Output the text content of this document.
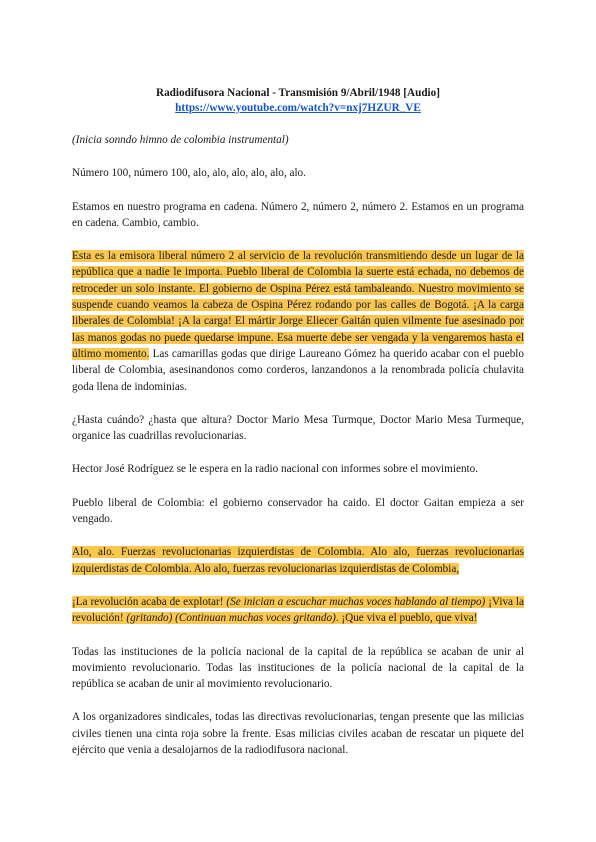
Radiodifusora Nacional - Transmisión 9/Abril/1948 [Audio]
https://www.youtube.com/watch?v=nxj7HZUR_VE

(Inicia sonndo himno de colombia instrumental)

Número 100, número 100, alo, alo, alo, alo, alo, alo.

Estamos en nuestro programa en cadena. Número 2, número 2, número 2. Estamos en un programa en cadena. Cambio, cambio.

Esta es la emisora liberal número 2 al servicio de la revolución transmitiendo desde un lugar de la república que a nadie le importa. Pueblo liberal de Colombia la suerte está echada, no debemos de retroceder un solo instante. El gobierno de Ospina Pérez está tambaleando. Nuestro movimiento se suspende cuando veamos la cabeza de Ospina Pérez rodando por las calles de Bogotá. ¡A la carga liberales de Colombia! ¡A la carga! El mártir Jorge Eliecer Gaitán quien vilmente fue asesinado por las manos godas no puede quedarse impune. Esa muerte debe ser vengada y la vengaremos hasta el último momento. Las camarillas godas que dirige Laureano Gómez ha querido acabar con el pueblo liberal de Colombia, asesinandonos como corderos, lanzandonos a la renombrada policía chulavita goda llena de indominias.

¿Hasta cuándo? ¿hasta que altura? Doctor Mario Mesa Turmque, Doctor Mario Mesa Turmeque, organice las cuadrillas revolucionarias.

Hector José Rodríguez se le espera en la radio nacional con informes sobre el movimiento.

Pueblo liberal de Colombia: el gobierno conservador ha caido. El doctor Gaitan empieza a ser vengado.

Alo, alo. Fuerzas revolucionarias izquierdistas de Colombia. Alo alo, fuerzas revolucionarias izquierdistas de Colombia. Alo alo, fuerzas revolucionarias izquierdistas de Colombia,

¡La revolución acaba de explotar! (Se inician a escuchar muchas voces hablando al tiempo) ¡Viva la revolución! (gritando) (Continuan muchas voces gritando). ¡Que viva el pueblo, que viva!

Todas las instituciones de la policía nacional de la capital de la república se acaban de unir al movimiento revolucionario. Todas las instituciones de la policía nacional de la capital de la república se acaban de unir al movimiento revolucionario.

A los organizadores sindicales, todas las directivas revolucionarias, tengan presente que las milicias civiles tienen una cinta roja sobre la frente. Esas milicias civiles acaban de rescatar un piquete del ejército que venia a desalojarnos de la radiodifusora nacional.
